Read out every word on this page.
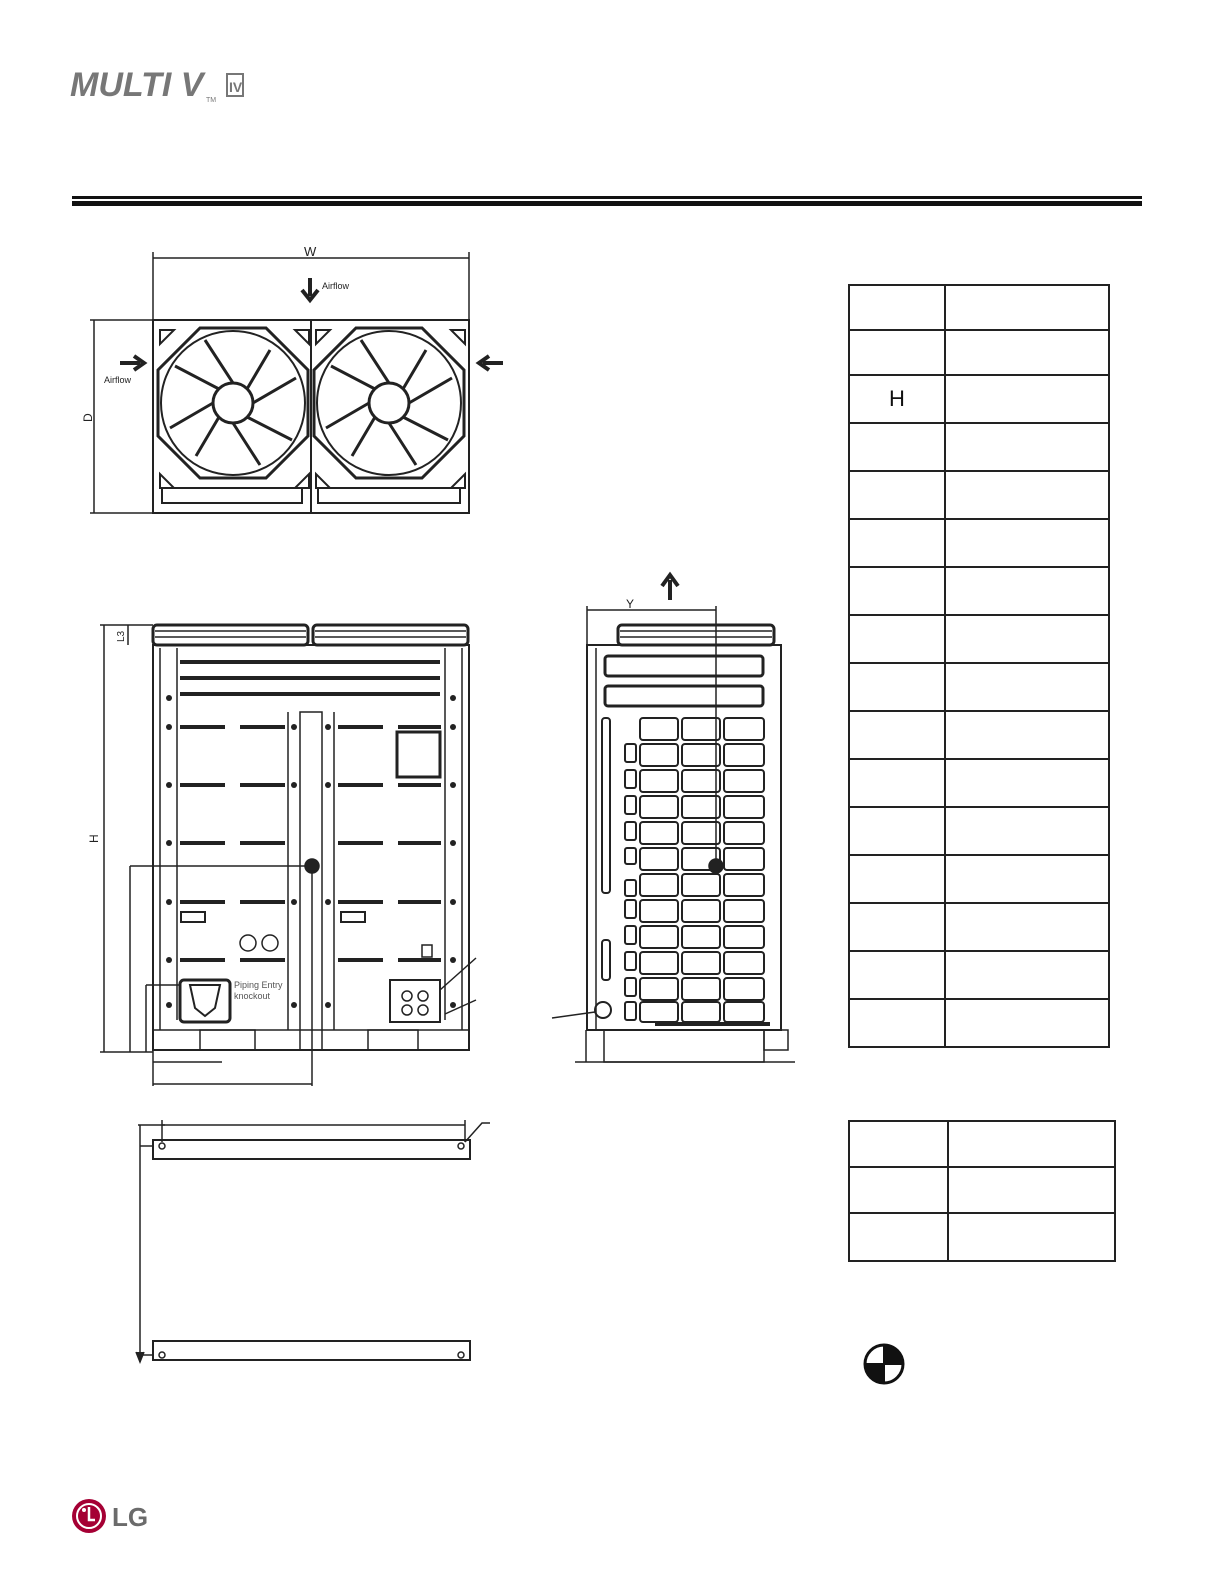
MULTI V TM
IV
W
D
Airflow
Airflow
H
L3
Piping Entry
knockout
Y

H	

LG
